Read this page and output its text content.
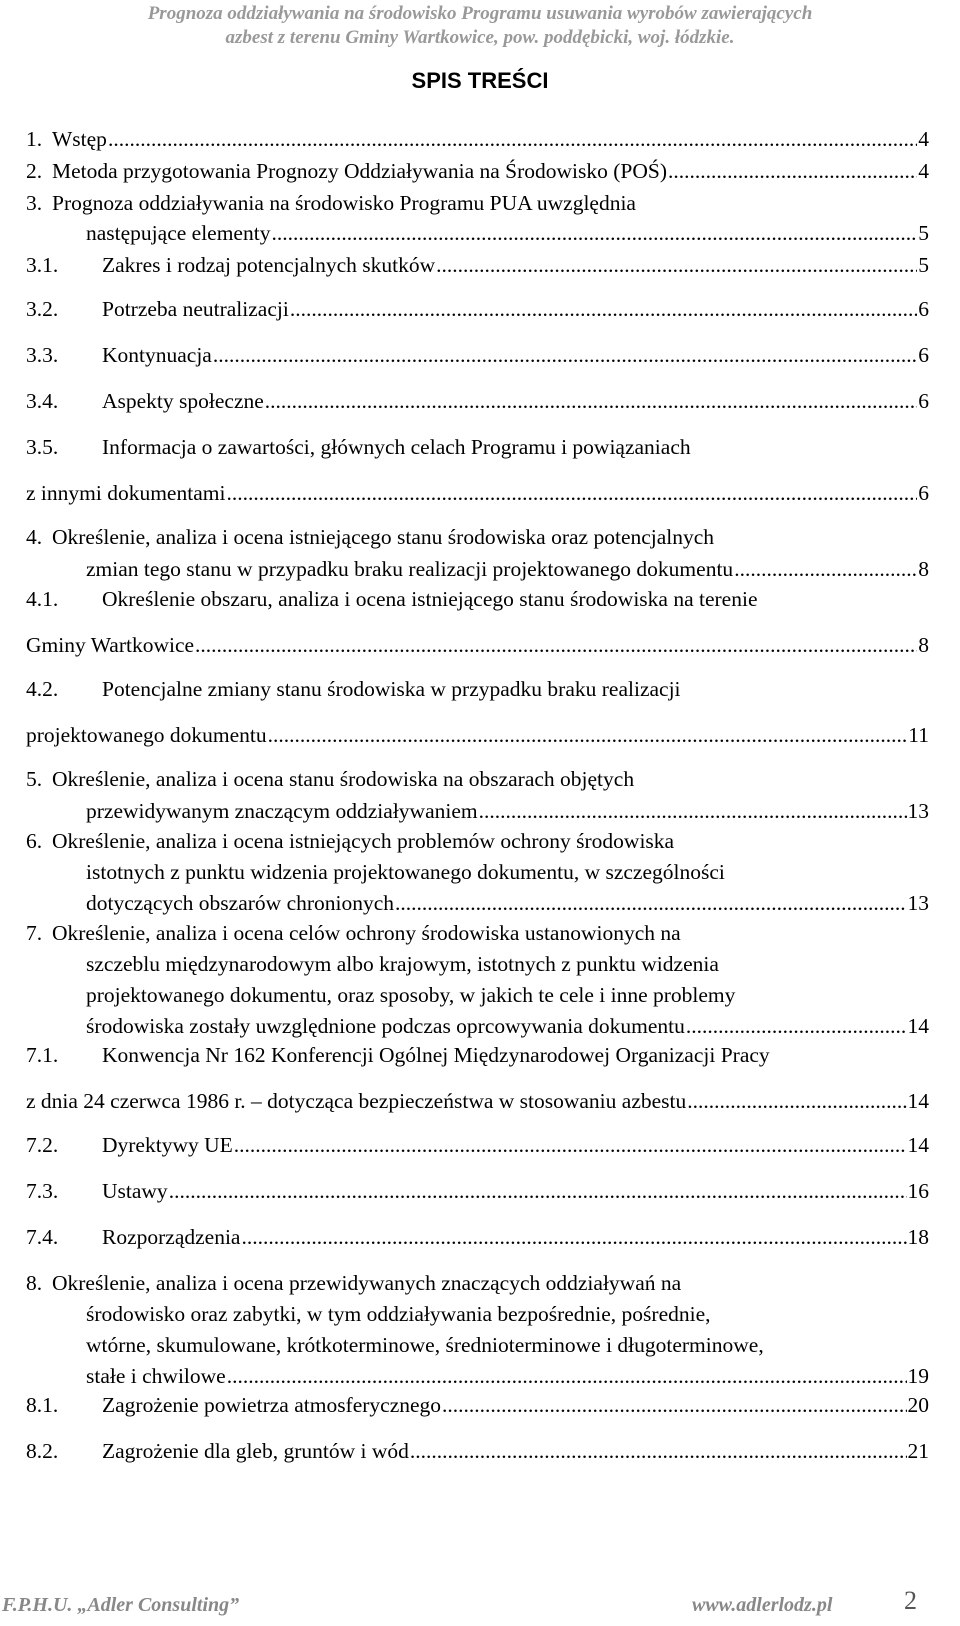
Prognoza oddziaływania na środowisko Programu usuwania wyrobów zawierających
azbest z terenu Gminy Wartkowice, pow. poddębicki, woj. łódzkie.
SPIS TREŚCI
1. Wstęp .....	4
2. Metoda przygotowania Prognozy Oddziaływania na Środowisko (POŚ) .....	4
3. Prognoza oddziaływania na środowisko Programu PUA uwzględnia
następujące elementy .....	5
3.1. Zakres i rodzaj potencjalnych skutków .....	5
3.2. Potrzeba neutralizacji .....	6
3.3. Kontynuacja .....	6
3.4. Aspekty społeczne .....	6
3.5. Informacja o zawartości, głównych celach Programu i powiązaniach
z innymi dokumentami .....	6
4. Określenie, analiza i ocena istniejącego stanu środowiska oraz potencjalnych
zmian tego stanu w przypadku braku realizacji projektowanego dokumentu .....	8
4.1. Określenie obszaru, analiza i ocena istniejącego stanu środowiska na terenie
Gminy Wartkowice .....	8
4.2. Potencjalne zmiany stanu środowiska w przypadku braku realizacji
projektowanego dokumentu .....	11
5. Określenie, analiza i ocena stanu środowiska na obszarach objętych
przewidywanym znaczącym oddziaływaniem .....	13
6. Określenie, analiza i ocena istniejących problemów ochrony środowiska
istotnych z punktu widzenia projektowanego dokumentu, w szczególności
dotyczących obszarów chronionych .....	13
7. Określenie, analiza i ocena celów ochrony środowiska ustanowionych na
szczeblu międzynarodowym albo krajowym, istotnych z punktu widzenia
projektowanego dokumentu, oraz sposoby, w jakich te cele i inne problemy
środowiska zostały uwzględnione podczas oprcowywania dokumentu .....	14
7.1. Konwencja Nr 162 Konferencji Ogólnej Międzynarodowej Organizacji Pracy
z dnia 24 czerwca 1986 r. – dotycząca bezpieczeństwa w stosowaniu azbestu .....	14
7.2. Dyrektywy UE .....	14
7.3. Ustawy .....	16
7.4. Rozporządzenia .....	18
8. Określenie, analiza i ocena przewidywanych znaczących oddziaływań na
środowisko oraz zabytki, w tym oddziaływania bezpośrednie, pośrednie,
wtórne, skumulowane, krótkoterminowe, średnioterminowe i długoterminowe,
stałe i chwilowe .....	19
8.1. Zagrożenie powietrza atmosferycznego .....	20
8.2. Zagrożenie dla gleb, gruntów i wód .....	21
F.P.H.U. „Adler Consulting”	www.adlerlodz.pl	2
